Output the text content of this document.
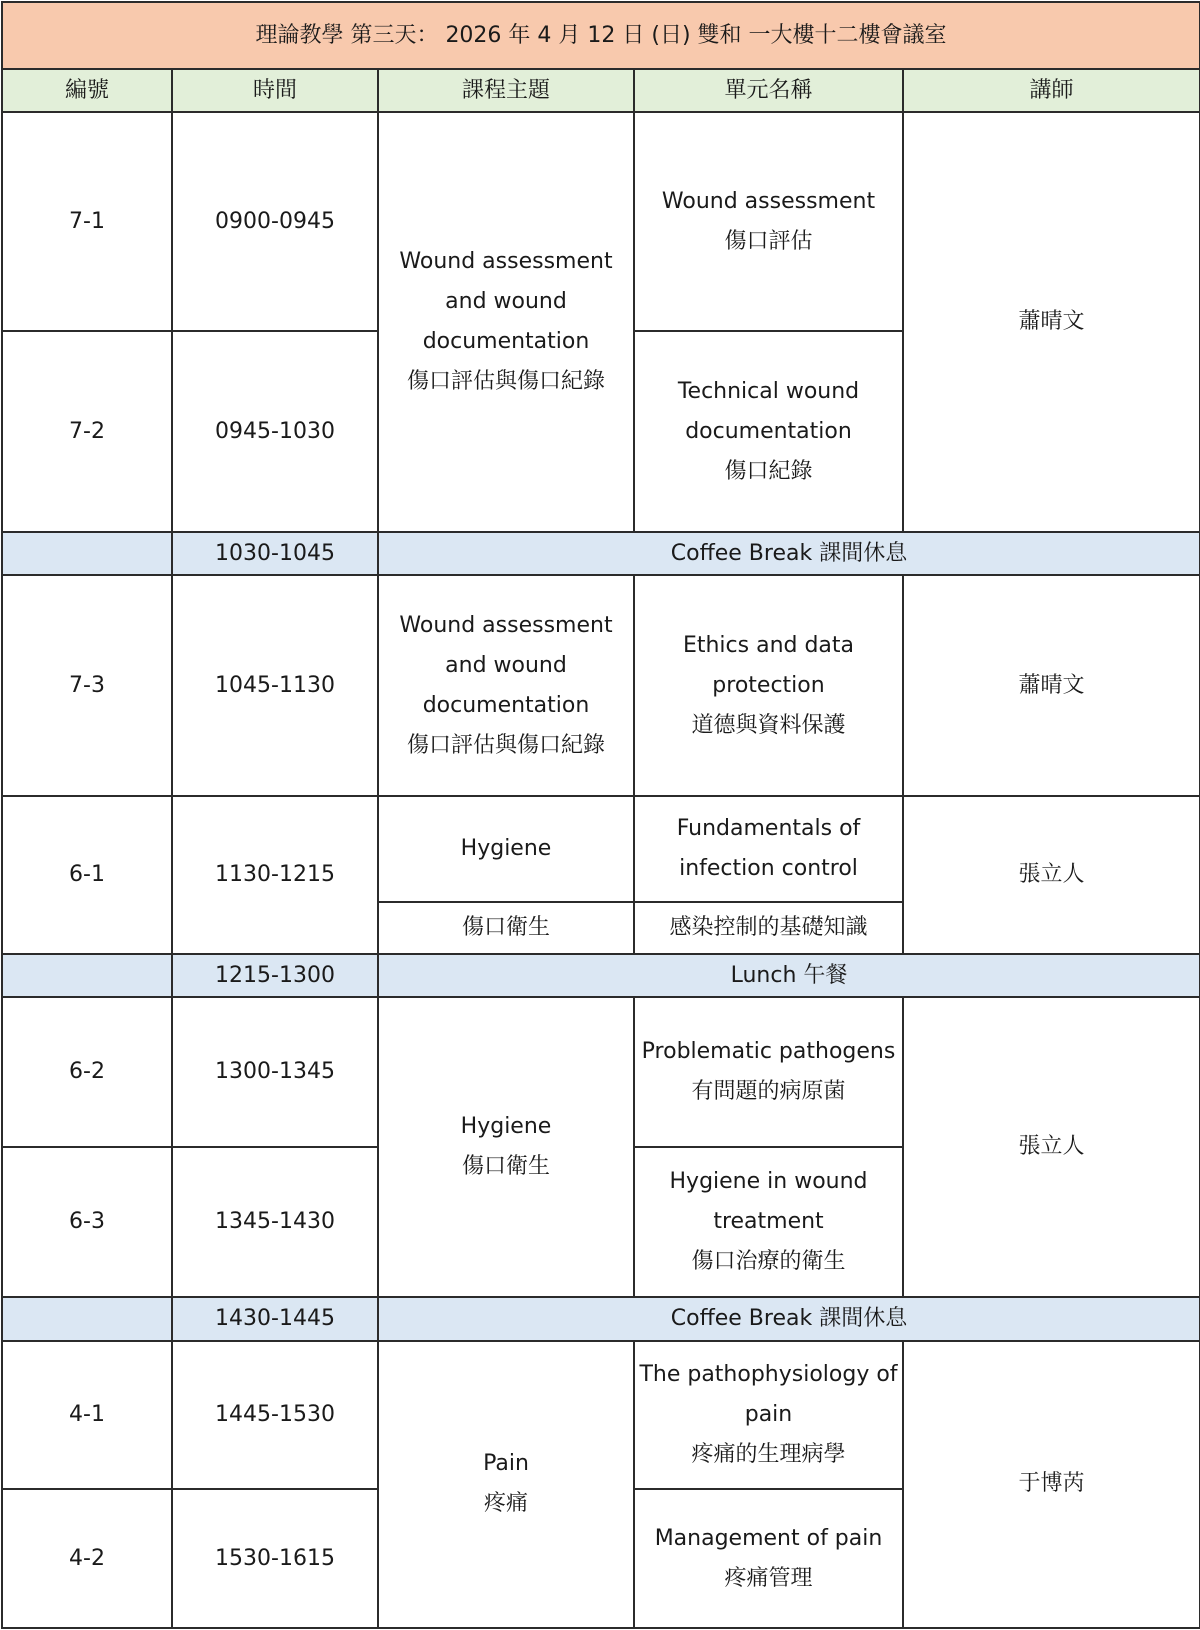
理論教學 第三天： 2026 年 4 月 12 日 (日) 雙和 一大樓十二樓會議室				
編號	時間	課程主題	單元名稱	講師
7-1	0900-0945	Wound assessment
and wound
documentation
傷口評估與傷口紀錄	Wound assessment
傷口評估	蕭晴文
7-2	0945-1030		Technical wound
documentation
傷口紀錄	

	1030-1045	Coffee Break 課間休息		
7-3	1045-1130	Wound assessment
and wound
documentation
傷口評估與傷口紀錄	Ethics and data
protection
道德與資料保護	蕭晴文
6-1	1130-1215	Hygiene	Fundamentals of
infection control	張立人
		傷口衛生	感染控制的基礎知識	
	1215-1300	Lunch 午餐		
6-2	1300-1345	Hygiene
傷口衛生	Problematic pathogens
有問題的病原菌	張立人
6-3	1345-1430		Hygiene in wound
treatment
傷口治療的衛生	

	1430-1445	Coffee Break 課間休息		
4-1	1445-1530	Pain
疼痛	The pathophysiology of
pain
疼痛的生理病學	于博芮
4-2	1530-1615		Management of pain
疼痛管理	
